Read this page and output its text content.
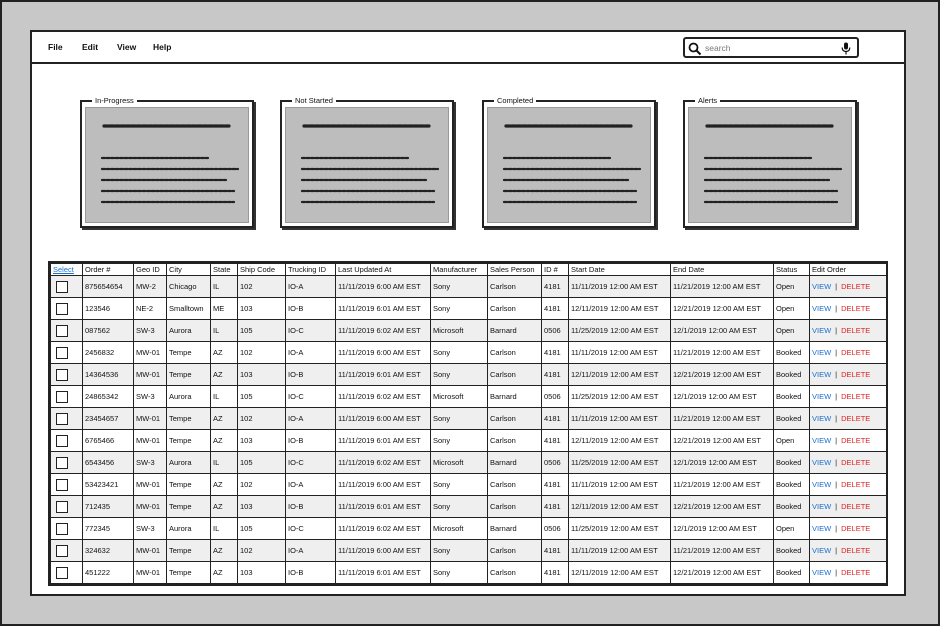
File Edit View Help
search
In-Progress	Not Started	Completed	Alerts
Select	Order #	Geo ID	City	State	Ship Code	Trucking ID	Last Updated At	Manufacturer	Sales Person	ID #	Start Date	End Date	Status	Edit Order
	875654654	MW-2	Chicago	IL	102	IO-A	11/11/2019 6:00 AM EST	Sony	Carlson	4181	11/11/2019 12:00 AM EST	11/21/2019 12:00 AM EST	Open	VIEW | DELETE
	123546	NE-2	Smalltown	ME	103	IO-B	11/11/2019 6:01 AM EST	Sony	Carlson	4181	12/11/2019 12:00 AM EST	12/21/2019 12:00 AM EST	Open	VIEW | DELETE
	087562	SW-3	Aurora	IL	105	IO-C	11/11/2019 6:02 AM EST	Microsoft	Barnard	0506	11/25/2019 12:00 AM EST	12/1/2019 12:00 AM EST	Open	VIEW | DELETE
	2456832	MW-01	Tempe	AZ	102	IO-A	11/11/2019 6:00 AM EST	Sony	Carlson	4181	11/11/2019 12:00 AM EST	11/21/2019 12:00 AM EST	Booked	VIEW | DELETE
	14364536	MW-01	Tempe	AZ	103	IO-B	11/11/2019 6:01 AM EST	Sony	Carlson	4181	12/11/2019 12:00 AM EST	12/21/2019 12:00 AM EST	Booked	VIEW | DELETE
	24865342	SW-3	Aurora	IL	105	IO-C	11/11/2019 6:02 AM EST	Microsoft	Barnard	0506	11/25/2019 12:00 AM EST	12/1/2019 12:00 AM EST	Booked	VIEW | DELETE
	23454657	MW-01	Tempe	AZ	102	IO-A	11/11/2019 6:00 AM EST	Sony	Carlson	4181	11/11/2019 12:00 AM EST	11/21/2019 12:00 AM EST	Booked	VIEW | DELETE
	6765466	MW-01	Tempe	AZ	103	IO-B	11/11/2019 6:01 AM EST	Sony	Carlson	4181	12/11/2019 12:00 AM EST	12/21/2019 12:00 AM EST	Open	VIEW | DELETE
	6543456	SW-3	Aurora	IL	105	IO-C	11/11/2019 6:02 AM EST	Microsoft	Barnard	0506	11/25/2019 12:00 AM EST	12/1/2019 12:00 AM EST	Booked	VIEW | DELETE
	53423421	MW-01	Tempe	AZ	102	IO-A	11/11/2019 6:00 AM EST	Sony	Carlson	4181	11/11/2019 12:00 AM EST	11/21/2019 12:00 AM EST	Booked	VIEW | DELETE
	712435	MW-01	Tempe	AZ	103	IO-B	11/11/2019 6:01 AM EST	Sony	Carlson	4181	12/11/2019 12:00 AM EST	12/21/2019 12:00 AM EST	Booked	VIEW | DELETE
	772345	SW-3	Aurora	IL	105	IO-C	11/11/2019 6:02 AM EST	Microsoft	Barnard	0506	11/25/2019 12:00 AM EST	12/1/2019 12:00 AM EST	Open	VIEW | DELETE
	324632	MW-01	Tempe	AZ	102	IO-A	11/11/2019 6:00 AM EST	Sony	Carlson	4181	11/11/2019 12:00 AM EST	11/21/2019 12:00 AM EST	Booked	VIEW | DELETE
	451222	MW-01	Tempe	AZ	103	IO-B	11/11/2019 6:01 AM EST	Sony	Carlson	4181	12/11/2019 12:00 AM EST	12/21/2019 12:00 AM EST	Booked	VIEW | DELETE
